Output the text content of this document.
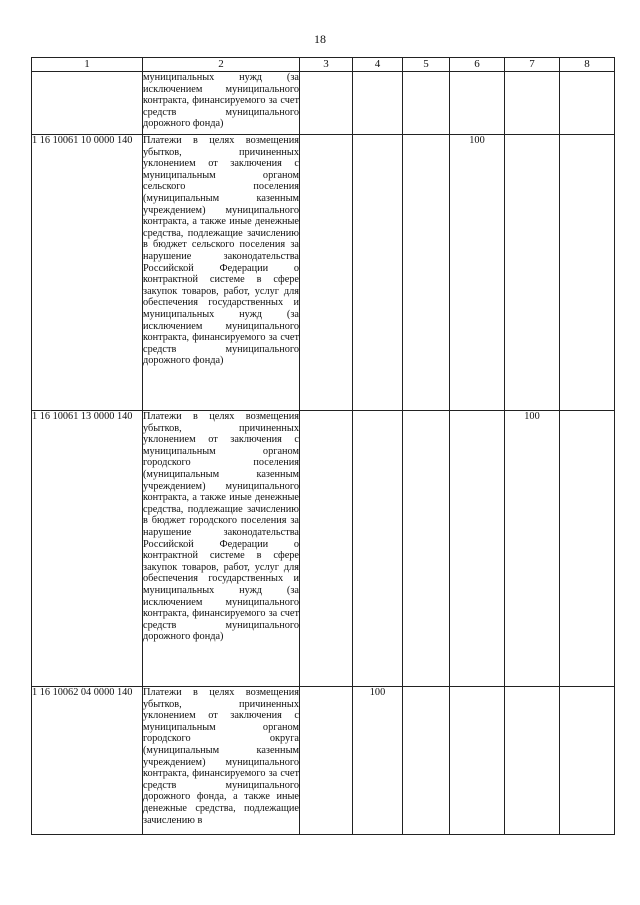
18
1	2	3	4	5	6	7	8
	муниципальных нужд (за исключением муниципального контракта, финансируемого за счет средств муниципального дорожного фонда)						
1 16 10061 10 0000 140	Платежи в целях возмещения убытков, причиненных уклонением от заключения с муниципальным органом сельского поселения (муниципальным казенным учреждением) муниципального контракта, а также иные денежные средства, подлежащие зачислению в бюджет сельского поселения за нарушение законодательства Российской Федерации о контрактной системе в сфере закупок товаров, работ, услуг для обеспечения государственных и муниципальных нужд (за исключением муниципального контракта, финансируемого за счет средств муниципального дорожного фонда)				100		
1 16 10061 13 0000 140	Платежи в целях возмещения убытков, причиненных уклонением от заключения с муниципальным органом городского поселения (муниципальным казенным учреждением) муниципального контракта, а также иные денежные средства, подлежащие зачислению в бюджет городского поселения за нарушение законодательства Российской Федерации о контрактной системе в сфере закупок товаров, работ, услуг для обеспечения государственных и муниципальных нужд (за исключением муниципального контракта, финансируемого за счет средств муниципального дорожного фонда)					100	
1 16 10062 04 0000 140	Платежи в целях возмещения убытков, причиненных уклонением от заключения с муниципальным органом городского округа (муниципальным казенным учреждением) муниципального контракта, финансируемого за счет средств муниципального дорожного фонда, а также иные денежные средства, подлежащие зачислению в		100				
